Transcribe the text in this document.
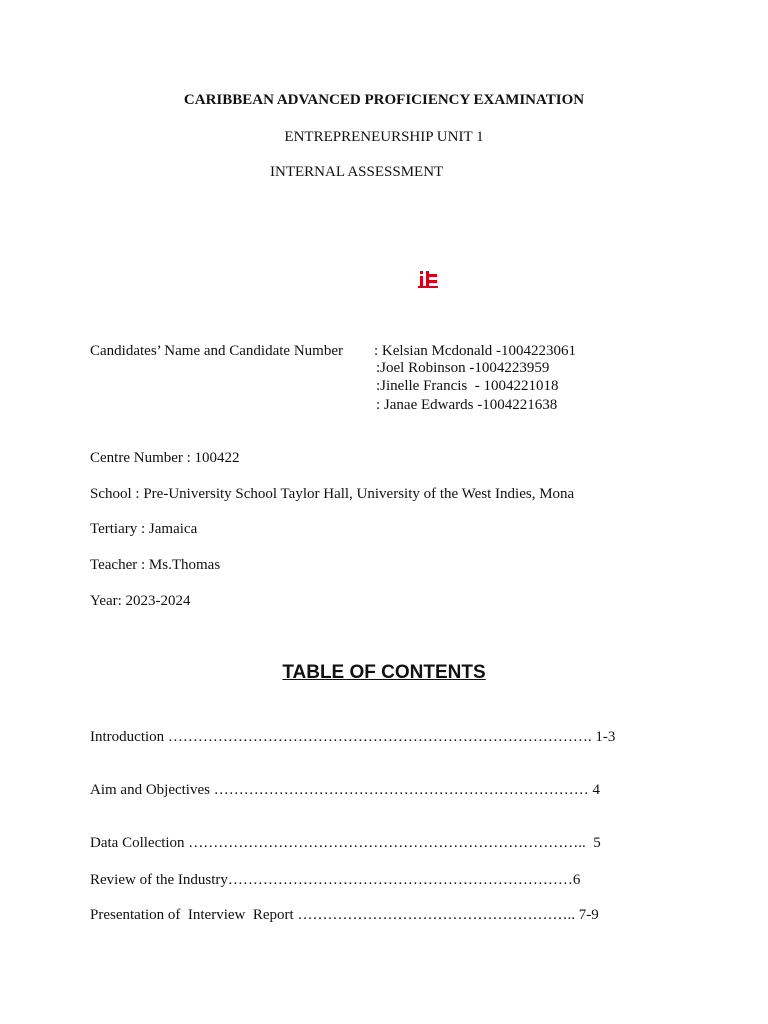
CARIBBEAN ADVANCED PROFICIENCY EXAMINATION
ENTREPRENEURSHIP UNIT 1
INTERNAL ASSESSMENT
Candidates’ Name and Candidate Number : Kelsian Mcdonald -1004223061
:Joel Robinson -1004223959
:Jinelle Francis  - 1004221018
: Janae Edwards -1004221638
Centre Number : 100422
School : Pre-University School Taylor Hall, University of the West Indies, Mona
Tertiary : Jamaica
Teacher : Ms.Thomas
Year: 2023-2024
TABLE OF CONTENTS
Introduction …………………………………………………………………………. 1-3
Aim and Objectives ………………………………………………………………… 4
Data Collection ……………………………………………………………………..  5
Review of the Industry……………………………………………………………6
Presentation of  Interview  Report ……………………………………………….. 7-9
